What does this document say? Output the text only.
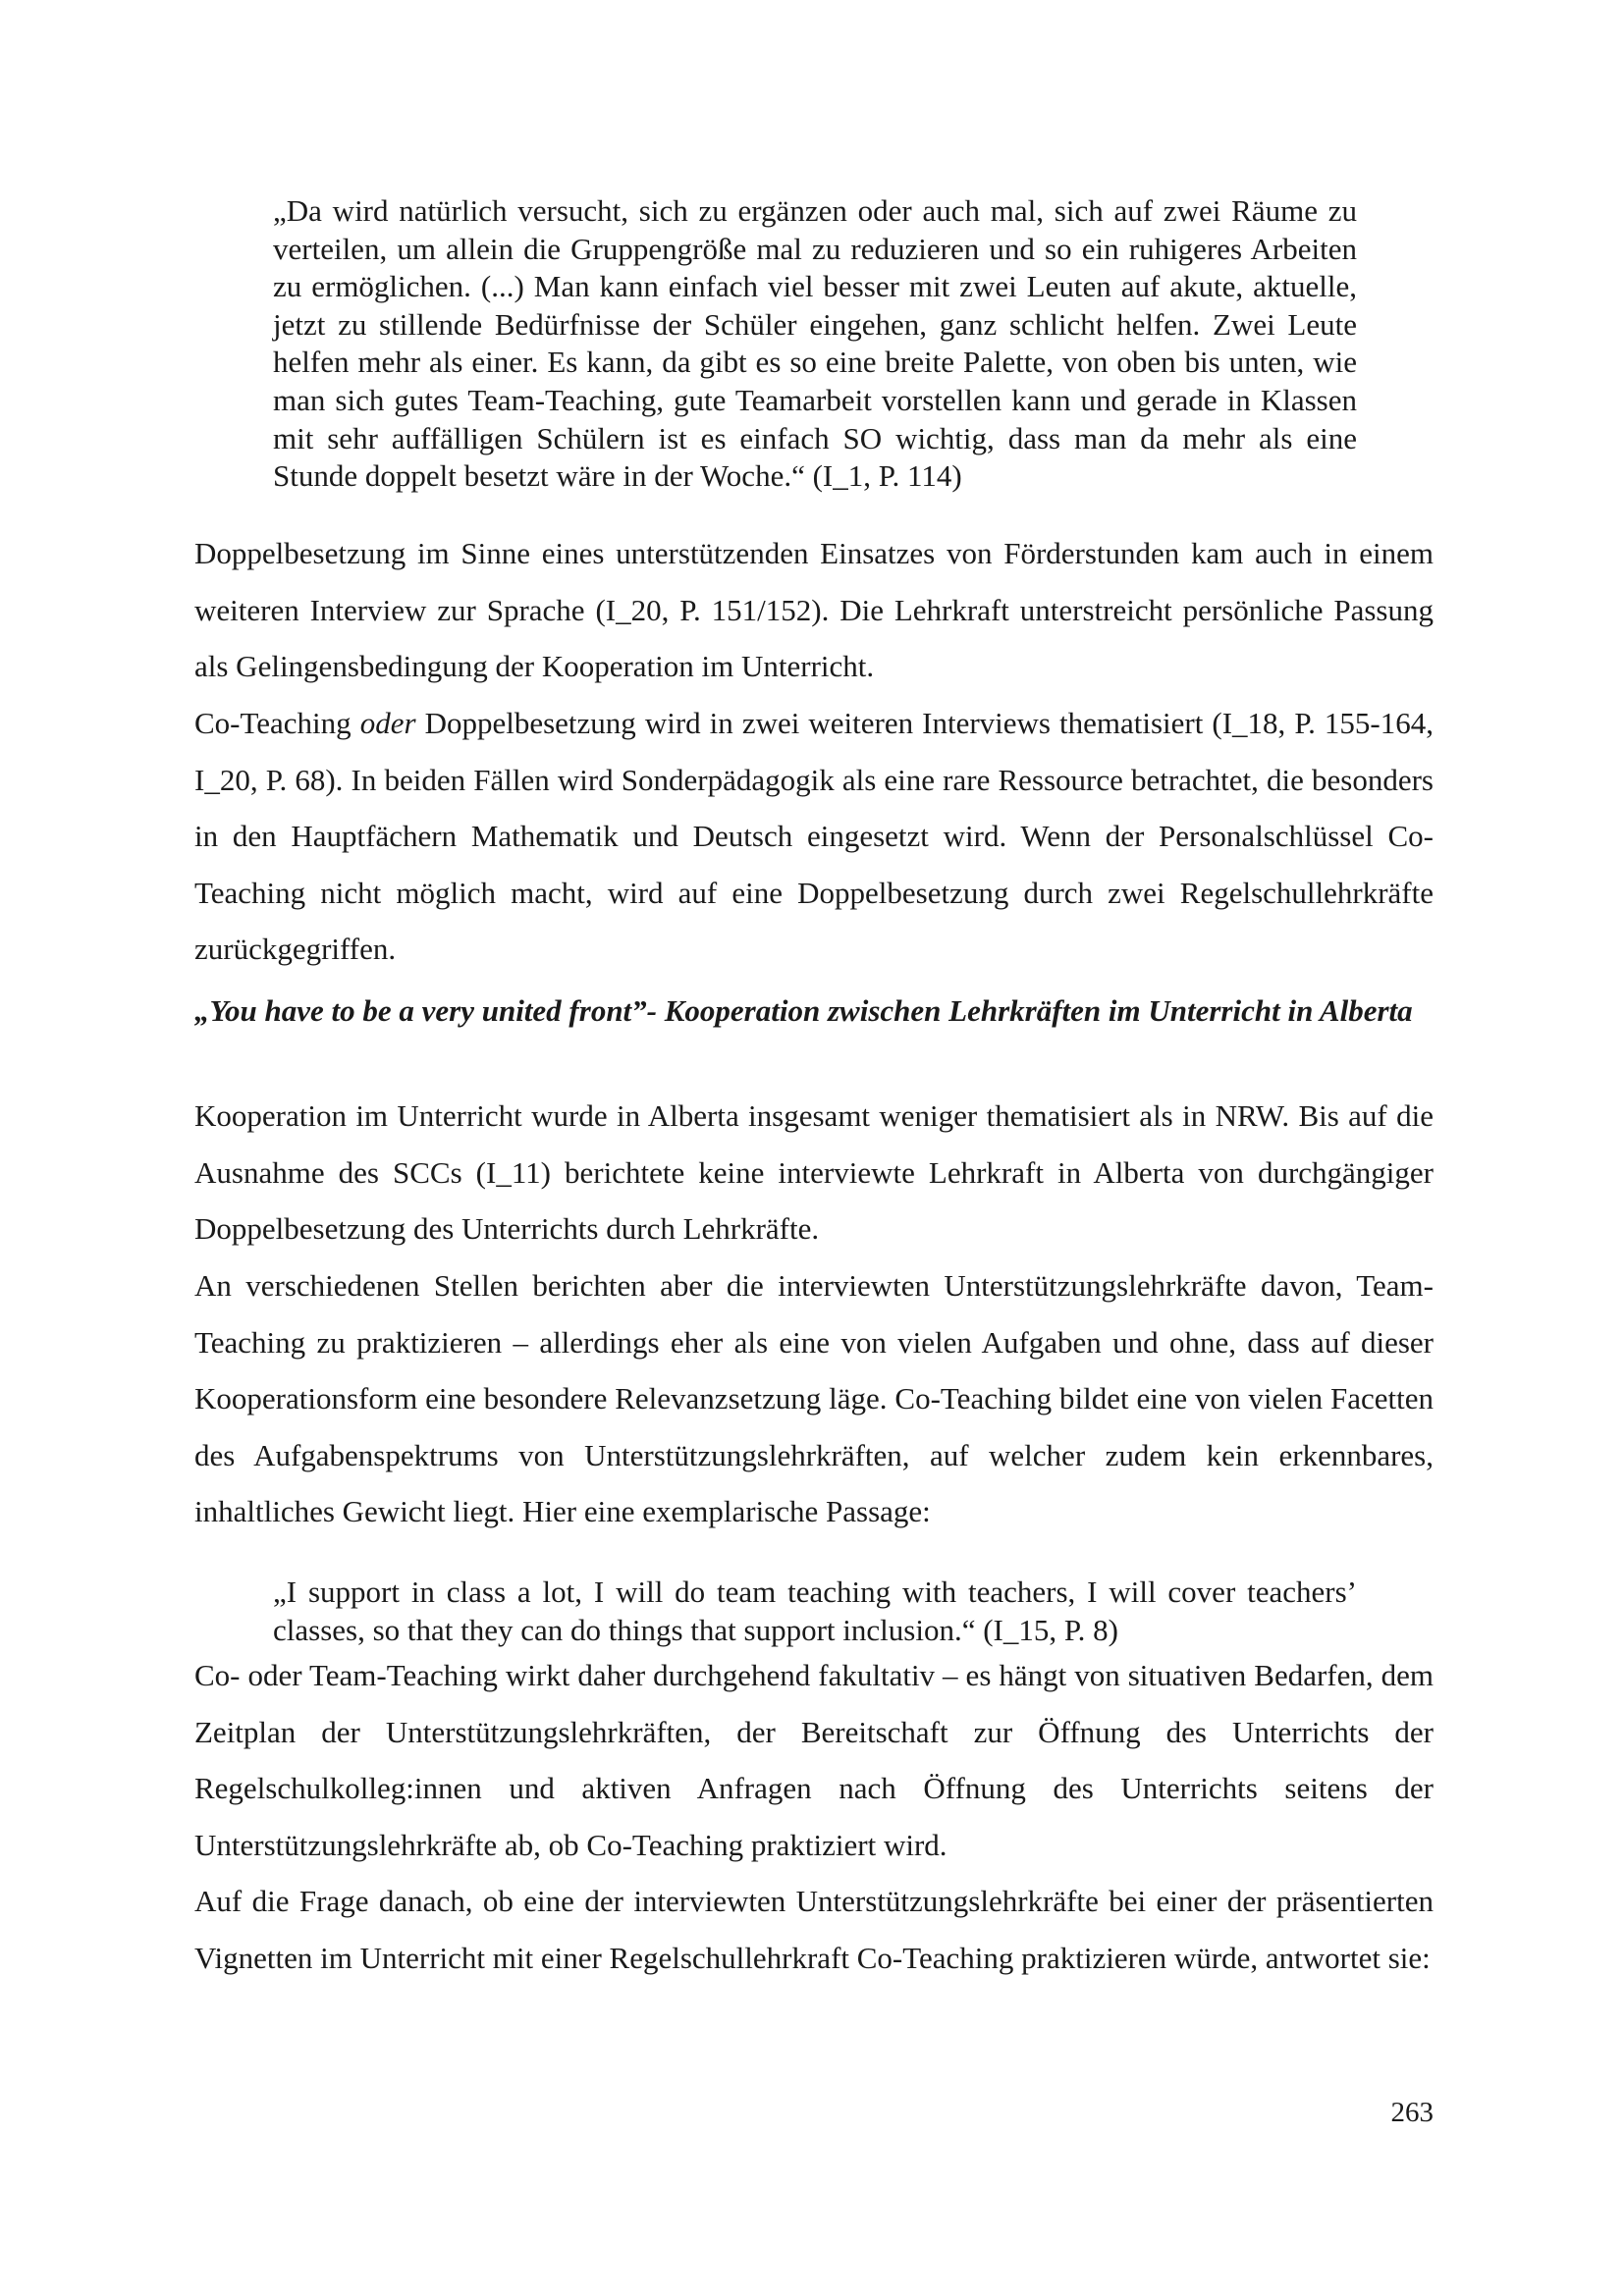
„Da wird natürlich versucht, sich zu ergänzen oder auch mal, sich auf zwei Räume zu verteilen, um allein die Gruppengröße mal zu reduzieren und so ein ruhigeres Arbeiten zu ermöglichen. (...) Man kann einfach viel besser mit zwei Leuten auf akute, aktuelle, jetzt zu stillende Bedürfnisse der Schüler eingehen, ganz schlicht helfen. Zwei Leute helfen mehr als einer. Es kann, da gibt es so eine breite Palette, von oben bis unten, wie man sich gutes Team-Teaching, gute Teamarbeit vorstellen kann und gerade in Klassen mit sehr auffälligen Schülern ist es einfach SO wichtig, dass man da mehr als eine Stunde doppelt besetzt wäre in der Woche.“ (I_1, P. 114)

Doppelbesetzung im Sinne eines unterstützenden Einsatzes von Förderstunden kam auch in einem weiteren Interview zur Sprache (I_20, P. 151/152). Die Lehrkraft unterstreicht persönliche Passung als Gelingensbedingung der Kooperation im Unterricht.

Co-Teaching oder Doppelbesetzung wird in zwei weiteren Interviews thematisiert (I_18, P. 155-164, I_20, P. 68). In beiden Fällen wird Sonderpädagogik als eine rare Ressource betrachtet, die besonders in den Hauptfächern Mathematik und Deutsch eingesetzt wird. Wenn der Personalschlüssel Co-Teaching nicht möglich macht, wird auf eine Doppelbesetzung durch zwei Regelschullehrkräfte zurückgegriffen.

„You have to be a very united front”- Kooperation zwischen Lehrkräften im Unterricht in Alberta

Kooperation im Unterricht wurde in Alberta insgesamt weniger thematisiert als in NRW. Bis auf die Ausnahme des SCCs (I_11) berichtete keine interviewte Lehrkraft in Alberta von durchgängiger Doppelbesetzung des Unterrichts durch Lehrkräfte.

An verschiedenen Stellen berichten aber die interviewten Unterstützungslehrkräfte davon, Team-Teaching zu praktizieren – allerdings eher als eine von vielen Aufgaben und ohne, dass auf dieser Kooperationsform eine besondere Relevanzsetzung läge. Co-Teaching bildet eine von vielen Facetten des Aufgabenspektrums von Unterstützungslehrkräften, auf welcher zudem kein erkennbares, inhaltliches Gewicht liegt. Hier eine exemplarische Passage:

„I support in class a lot, I will do team teaching with teachers, I will cover teachers’ classes, so that they can do things that support inclusion.“ (I_15, P. 8)

Co- oder Team-Teaching wirkt daher durchgehend fakultativ – es hängt von situativen Bedarfen, dem Zeitplan der Unterstützungslehrkräften, der Bereitschaft zur Öffnung des Unterrichts der Regelschulkolleg:innen und aktiven Anfragen nach Öffnung des Unterrichts seitens der Unterstützungslehrkräfte ab, ob Co-Teaching praktiziert wird.

Auf die Frage danach, ob eine der interviewten Unterstützungslehrkräfte bei einer der präsentierten Vignetten im Unterricht mit einer Regelschullehrkraft Co-Teaching praktizieren würde, antwortet sie:

263
